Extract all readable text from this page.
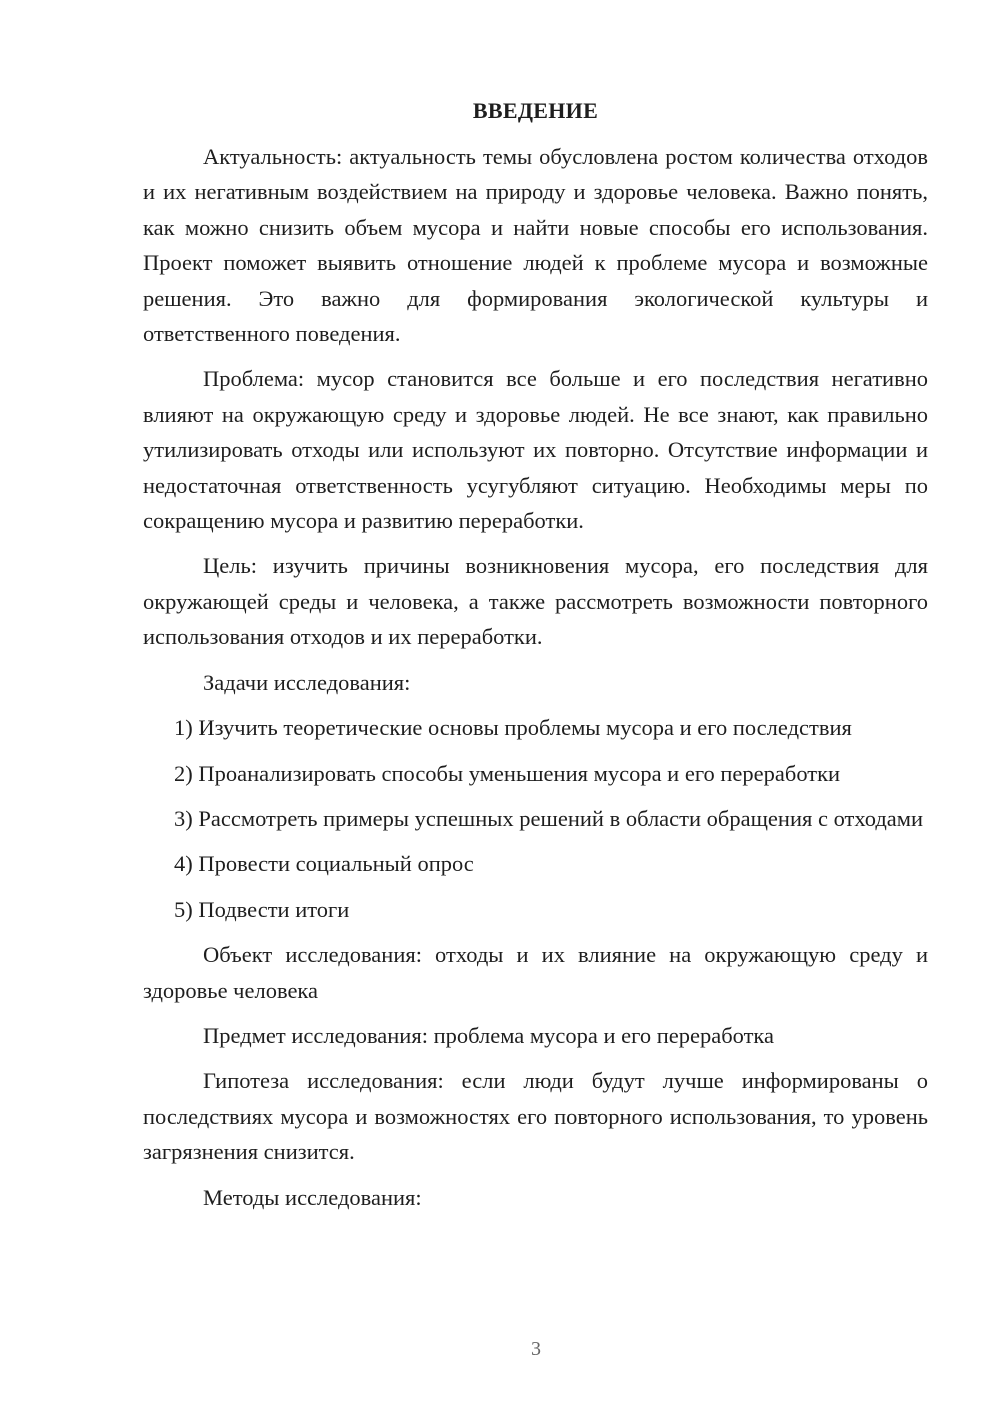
ВВЕДЕНИЕ
Актуальность: актуальность темы обусловлена ростом количества отходов и их негативным воздействием на природу и здоровье человека. Важно понять, как можно снизить объем мусора и найти новые способы его использования. Проект поможет выявить отношение людей к проблеме мусора и возможные решения. Это важно для формирования экологической культуры и ответственного поведения.
Проблема: мусор становится все больше и его последствия негативно влияют на окружающую среду и здоровье людей. Не все знают, как правильно утилизировать отходы или используют их повторно. Отсутствие информации и недостаточная ответственность усугубляют ситуацию. Необходимы меры по сокращению мусора и развитию переработки.
Цель: изучить причины возникновения мусора, его последствия для окружающей среды и человека, а также рассмотреть возможности повторного использования отходов и их переработки.
Задачи исследования:
1) Изучить теоретические основы проблемы мусора и его последствия
2) Проанализировать способы уменьшения мусора и его переработки
3) Рассмотреть примеры успешных решений в области обращения с отходами
4) Провести социальный опрос
5) Подвести итоги
Объект исследования: отходы и их влияние на окружающую среду и здоровье человека
Предмет исследования: проблема мусора и его переработка
Гипотеза исследования: если люди будут лучше информированы о последствиях мусора и возможностях его повторного использования, то уровень загрязнения снизится.
Методы исследования:
3
